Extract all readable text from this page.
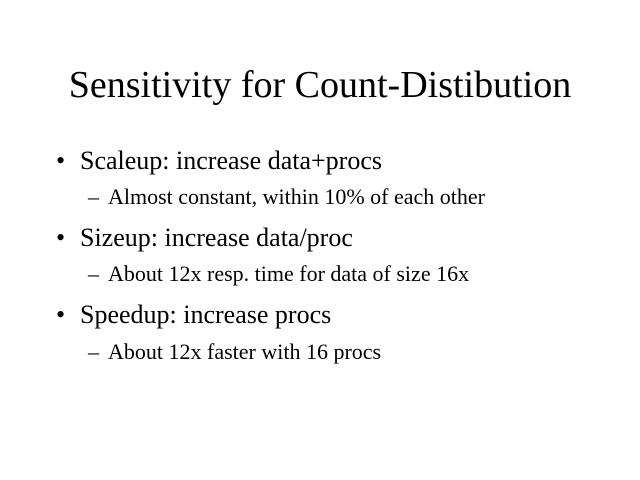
Sensitivity for Count-Distibution
• Scaleup: increase data+procs
– Almost constant, within 10% of each other
• Sizeup: increase data/proc
– About 12x resp. time for data of size 16x
• Speedup: increase procs
– About 12x faster with 16 procs
